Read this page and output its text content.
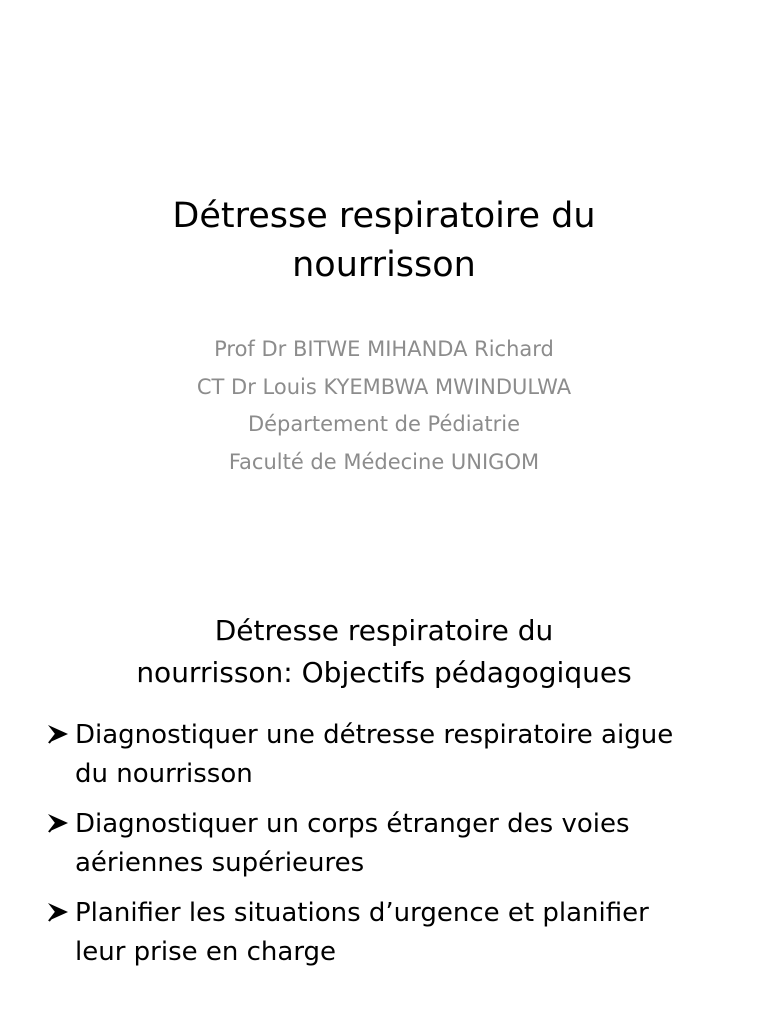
Détresse respiratoire du
nourrisson
Prof Dr BITWE MIHANDA Richard
CT Dr Louis KYEMBWA MWINDULWA
Département de Pédiatrie
Faculté de Médecine UNIGOM
Détresse respiratoire du
nourrisson: Objectifs pédagogiques
Diagnostiquer une détresse respiratoire aigue
du nourrisson
Diagnostiquer un corps étranger des voies
aériennes supérieures
Planifier les situations d’urgence et planifier
leur prise en charge
